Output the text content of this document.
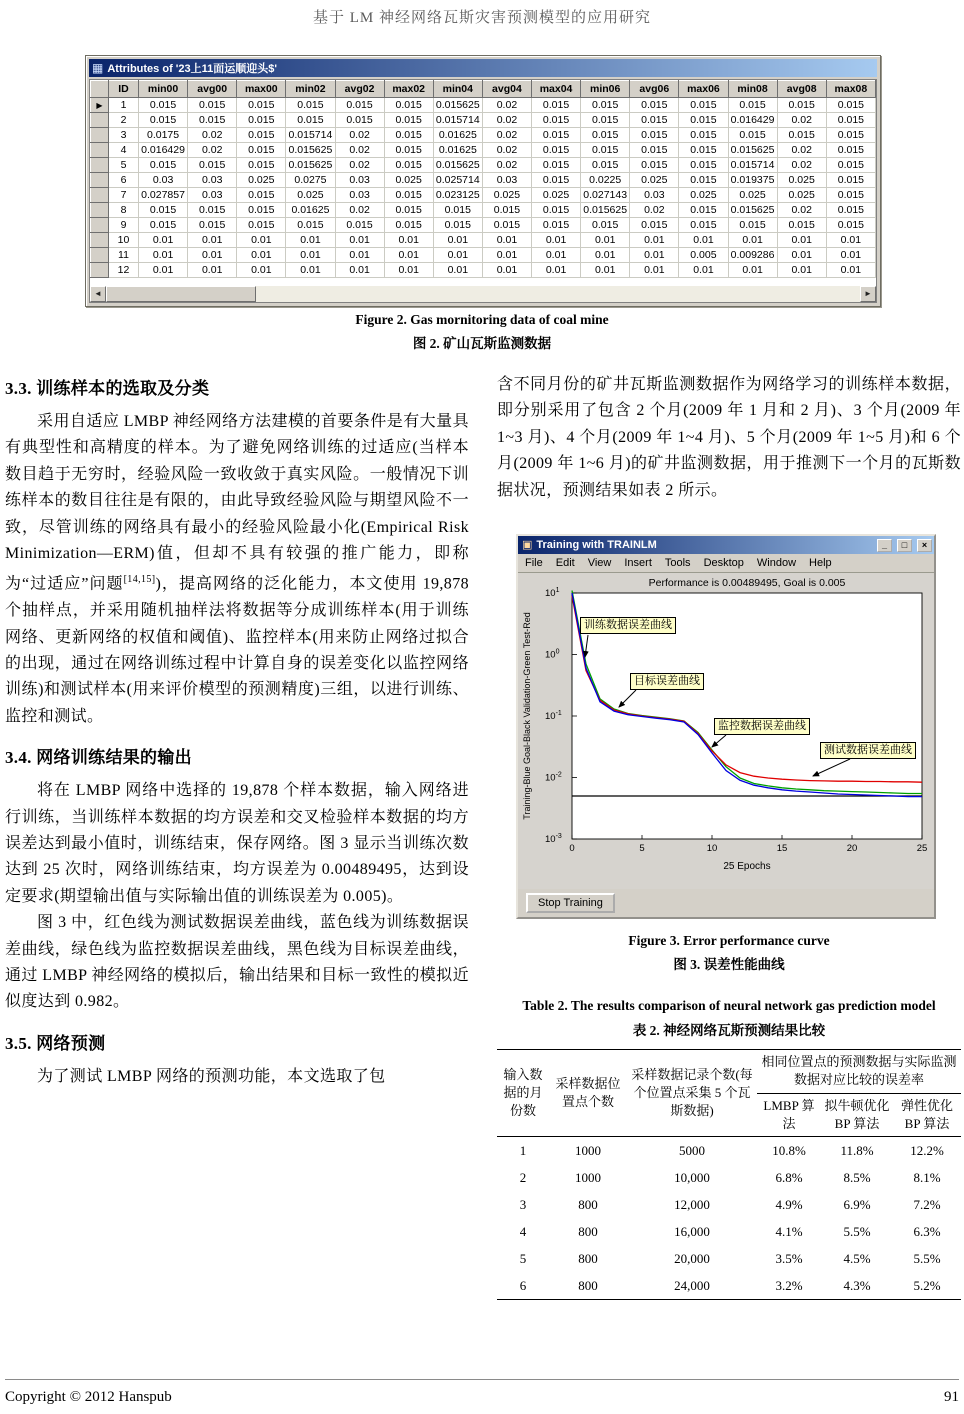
基于 LM 神经网络瓦斯灾害预测模型的应用研究
▦ Attributes of '23上11面运顺迎头$'
	ID	min00	avg00	max00	min02	avg02	max02	min04	avg04	max04	min06	avg06	max06	min08	avg08	max08
▶	1	0.015	0.015	0.015	0.015	0.015	0.015	0.015625	0.02	0.015	0.015	0.015	0.015	0.015	0.015	0.015
	2	0.015	0.015	0.015	0.015	0.015	0.015	0.015714	0.02	0.015	0.015	0.015	0.015	0.016429	0.02	0.015
	3	0.0175	0.02	0.015	0.015714	0.02	0.015	0.01625	0.02	0.015	0.015	0.015	0.015	0.015	0.015	0.015
	4	0.016429	0.02	0.015	0.015625	0.02	0.015	0.01625	0.02	0.015	0.015	0.015	0.015	0.015625	0.02	0.015
	5	0.015	0.015	0.015	0.015625	0.02	0.015	0.015625	0.02	0.015	0.015	0.015	0.015	0.015714	0.02	0.015
	6	0.03	0.03	0.025	0.0275	0.03	0.025	0.025714	0.03	0.015	0.0225	0.025	0.015	0.019375	0.025	0.015
	7	0.027857	0.03	0.015	0.025	0.03	0.015	0.023125	0.025	0.025	0.027143	0.03	0.025	0.025	0.025	0.015
	8	0.015	0.015	0.015	0.01625	0.02	0.015	0.015	0.015	0.015	0.015625	0.02	0.015	0.015625	0.02	0.015
	9	0.015	0.015	0.015	0.015	0.015	0.015	0.015	0.015	0.015	0.015	0.015	0.015	0.015	0.015	0.015
	10	0.01	0.01	0.01	0.01	0.01	0.01	0.01	0.01	0.01	0.01	0.01	0.01	0.01	0.01	0.01
	11	0.01	0.01	0.01	0.01	0.01	0.01	0.01	0.01	0.01	0.01	0.01	0.005	0.009286	0.01	0.01
	12	0.01	0.01	0.01	0.01	0.01	0.01	0.01	0.01	0.01	0.01	0.01	0.01	0.01	0.01	0.01
◄	►
Figure 2. Gas mornitoring data of coal mine
图 2. 矿山瓦斯监测数据
3.3. 训练样本的选取及分类

采用自适应 LMBP 神经网络方法建模的首要条件是有大量具有典型性和高精度的样本。为了避免网络训练的过适应(当样本数目趋于无穷时，经验风险一致收敛于真实风险。一般情况下训练样本的数目往往是有限的，由此导致经验风险与期望风险不一致，尽管训练的网络具有最小的经验风险最小化(Empirical Risk Minimization—ERM)值，但却不具有较强的推广能力，即称为“过适应”问题[14,15])，提高网络的泛化能力，本文使用 19,878 个抽样点，并采用随机抽样法将数据等分成训练样本(用于训练网络、更新网络的权值和阈值)、监控样本(用来防止网络过拟合的出现，通过在网络训练过程中计算自身的误差变化以监控网络训练)和测试样本(用来评价模型的预测精度)三组，以进行训练、监控和测试。

3.4. 网络训练结果的输出

将在 LMBP 网络中选择的 19,878 个样本数据，输入网络进行训练，当训练样本数据的均方误差和交叉检验样本数据的均方误差达到最小值时，训练结束，保存网络。图 3 显示当训练次数达到 25 次时，网络训练结束，均方误差为 0.00489495，达到设定要求(期望输出值与实际输出值的训练误差为 0.005)。

图 3 中，红色线为测试数据误差曲线，蓝色线为训练数据误差曲线，绿色线为监控数据误差曲线，黑色线为目标误差曲线，通过 LMBP 神经网络的模拟后，输出结果和目标一致性的模拟近似度达到 0.982。

3.5. 网络预测

为了测试 LMBP 网络的预测功能，本文选取了包

含不同月份的矿井瓦斯监测数据作为网络学习的训练样本数据，即分别采用了包含 2 个月(2009 年 1 月和 2 月)、3 个月(2009 年 1~3 月)、4 个月(2009 年 1~4 月)、5 个月(2009 年 1~5 月)和 6 个月(2009 年 1~6 月)的矿井监测数据，用于推测下一个月的瓦斯数据状况，预测结果如表 2 所示。

▣ Training with TRAINLM	_	□	×
File Edit View Insert Tools Desktop Window Help
Performance is 0.00489495, Goal is 0.005
Training-Blue Goal-Black Validation-Green Test-Red
25 Epochs
$10^1$
$10^0$
$10^{-1}$
$10^{-2}$
$10^{-3}$
0	5	10	15	20	25
训练数据误差曲线
目标误差曲线
监控数据误差曲线
测试数据误差曲线
Stop Training
Figure 3. Error performance curve
图 3. 误差性能曲线
Table 2. The results comparison of neural network gas prediction model
表 2. 神经网络瓦斯预测结果比较
输入数据的月份数	采样数据位置点个数	采样数据记录个数(每个位置点采集 5 个瓦斯数据)	相同位置点的预测数据与实际监测数据对应比较的误差率		
			LMBP 算法	拟牛顿优化 BP 算法	弹性优化 BP 算法
1	1000	5000	10.8%	11.8%	12.2%
2	1000	10,000	6.8%	8.5%	8.1%
3	800	12,000	4.9%	6.9%	7.2%
4	800	16,000	4.1%	5.5%	6.3%
5	800	20,000	3.5%	4.5%	5.5%
6	800	24,000	3.2%	4.3%	5.2%
Copyright © 2012 Hanspub	91
